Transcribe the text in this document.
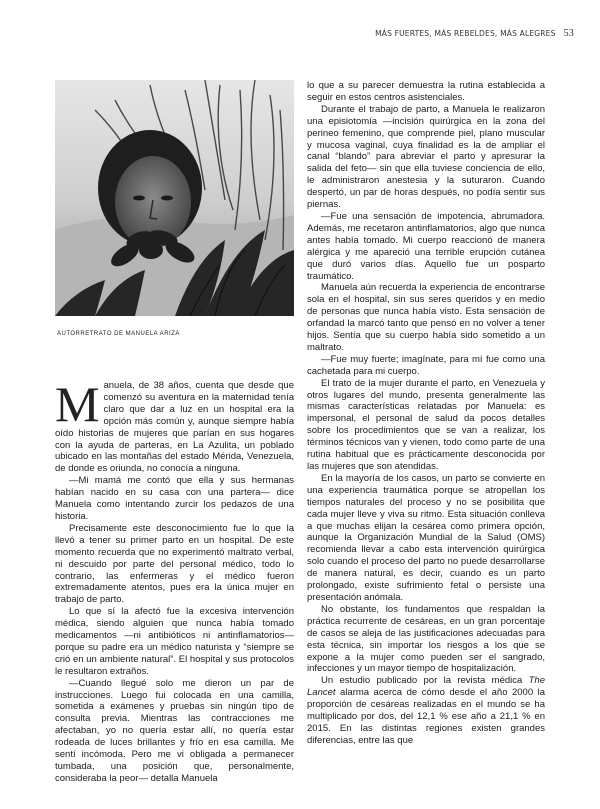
MÁS FUERTES, MÁS REBELDES, MÁS ALEGRES 53
AUTORRETRATO DE MANUELA ARIZA

Manuela, de 38 años, cuenta que desde que comenzó su aventura en la maternidad tenía claro que dar a luz en un hospital era la opción más común y, aunque siempre había oído historias de mujeres que parían en sus hogares con la ayuda de parteras, en La Azulita, un poblado ubicado en las montañas del estado Mérida, Venezuela, de donde es oriunda, no conocía a ninguna.

—Mi mamá me contó que ella y sus hermanas habían nacido en su casa con una partera— dice Manuela como intentando zurcir los pedazos de una historia.

Precisamente este desconocimiento fue lo que la llevó a tener su primer parto en un hospital. De este momento recuerda que no experimentó maltrato verbal, ni descuido por parte del personal médico, todo lo contrario, las enfermeras y el médico fueron extremadamente atentos, pues era la única mujer en trabajo de parto.

Lo que sí la afectó fue la excesiva intervención médica, siendo alguien que nunca había tomado medicamentos —ni antibióticos ni antinflamatorios— porque su padre era un médico naturista y “siempre se crió en un ambiente natural”. El hospital y sus protocolos le resultaron extraños.

—Cuando llegué solo me dieron un par de instrucciones. Luego fui colocada en una camilla, sometida a exámenes y pruebas sin ningún tipo de consulta previa. Mientras las contracciones me afectaban, yo no quería estar allí, no quería estar rodeada de luces brillantes y frío en esa camilla. Me sentí incómoda. Pero me vi obligada a permanecer tumbada, una posición que, personalmente, consideraba la peor— detalla Manuela

lo que a su parecer demuestra la rutina establecida a seguir en estos centros asistenciales.

Durante el trabajo de parto, a Manuela le realizaron una episiotomía —incisión quirúrgica en la zona del perineo femenino, que comprende piel, plano muscular y mucosa vaginal, cuya finalidad es la de ampliar el canal “blando” para abreviar el parto y apresurar la salida del feto— sin que ella tuviese conciencia de ello, le administraron anestesia y la suturaron. Cuando despertó, un par de horas después, no podía sentir sus piernas.

—Fue una sensación de impotencia, abrumadora. Además, me recetaron antinflamatorios, algo que nunca antes había tomado. Mi cuerpo reaccionó de manera alérgica y me apareció una terrible erupción cutánea que duró varios días. Aquello fue un posparto traumático.

Manuela aún recuerda la experiencia de encontrarse sola en el hospital, sin sus seres queridos y en medio de personas que nunca había visto. Esta sensación de orfandad la marcó tanto que pensó en no volver a tener hijos. Sentía que su cuerpo había sido sometido a un maltrato.

—Fue muy fuerte; imagínate, para mí fue como una cachetada para mi cuerpo.

El trato de la mujer durante el parto, en Venezuela y otros lugares del mundo, presenta generalmente las mismas características relatadas por Manuela: es impersonal, el personal de salud da pocos detalles sobre los procedimientos que se van a realizar, los términos técnicos van y vienen, todo como parte de una rutina habitual que es prácticamente desconocida por las mujeres que son atendidas.

En la mayoría de los casos, un parto se convierte en una experiencia traumática porque se atropellan los tiempos naturales del proceso y no se posibilita que cada mujer lleve y viva su ritmo. Esta situación conlleva a que muchas elijan la cesárea como primera opción, aunque la Organización Mundial de la Salud (OMS) recomienda llevar a cabo esta intervención quirúrgica solo cuando el proceso del parto no puede desarrollarse de manera natural, es decir, cuando es un parto prolongado, existe sufrimiento fetal o persiste una presentación anómala.

No obstante, los fundamentos que respaldan la práctica recurrente de cesáreas, en un gran porcentaje de casos se aleja de las justificaciones adecuadas para esta técnica, sin importar los riesgos a los que se expone a la mujer como pueden ser el sangrado, infecciones y un mayor tiempo de hospitalización.

Un estudio publicado por la revista médica The Lancet alarma acerca de cómo desde el año 2000 la proporción de cesáreas realizadas en el mundo se ha multiplicado por dos, del 12,1 % ese año a 21,1 % en 2015. En las distintas regiones existen grandes diferencias, entre las que
